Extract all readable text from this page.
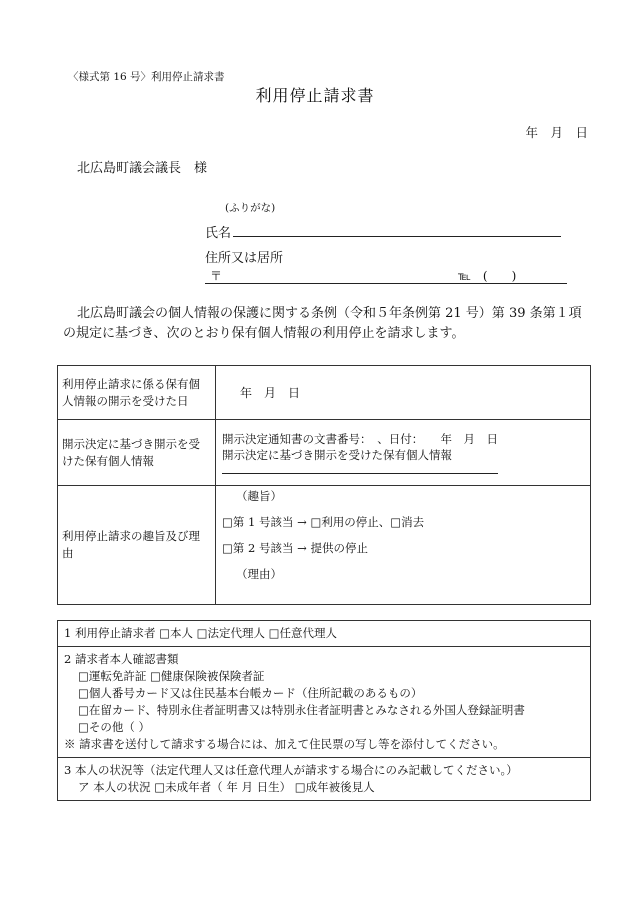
〈様式第 16 号〉利用停止請求書
利用停止請求書
年　月　日
北広島町議会議長　様
(ふりがな)
氏名
住所又は居所
〒	℡　(　　)

北広島町議会の個人情報の保護に関する条例（令和５年条例第 21 号）第 39 条第１項

の規定に基づき、次のとおり保有個人情報の利用停止を請求します。

利用停止請求に係る保有個人情報の開示を受けた日	年　月　日
開示決定に基づき開示を受けた保有個人情報	開示決定通知書の文書番号：　、日付：　　年　月　日
開示決定に基づき開示を受けた保有個人情報

利用停止請求の趣旨及び理由	（趣旨）
□第 1 号該当 → □利用の停止、□消去
□第 2 号該当 → 提供の停止
（理由）
1 利用停止請求者 □本人 □法定代理人 □任意代理人

2 請求者本人確認書類
□運転免許証 □健康保険被保険者証
□個人番号カード又は住民基本台帳カード（住所記載のあるもの）
□在留カード、特別永住者証明書又は特別永住者証明書とみなされる外国人登録証明書
□その他（ ）
※ 請求書を送付して請求する場合には、加えて住民票の写し等を添付してください。

3 本人の状況等（法定代理人又は任意代理人が請求する場合にのみ記載してください。）
ア 本人の状況 □未成年者（ 年 月 日生） □成年被後見人
